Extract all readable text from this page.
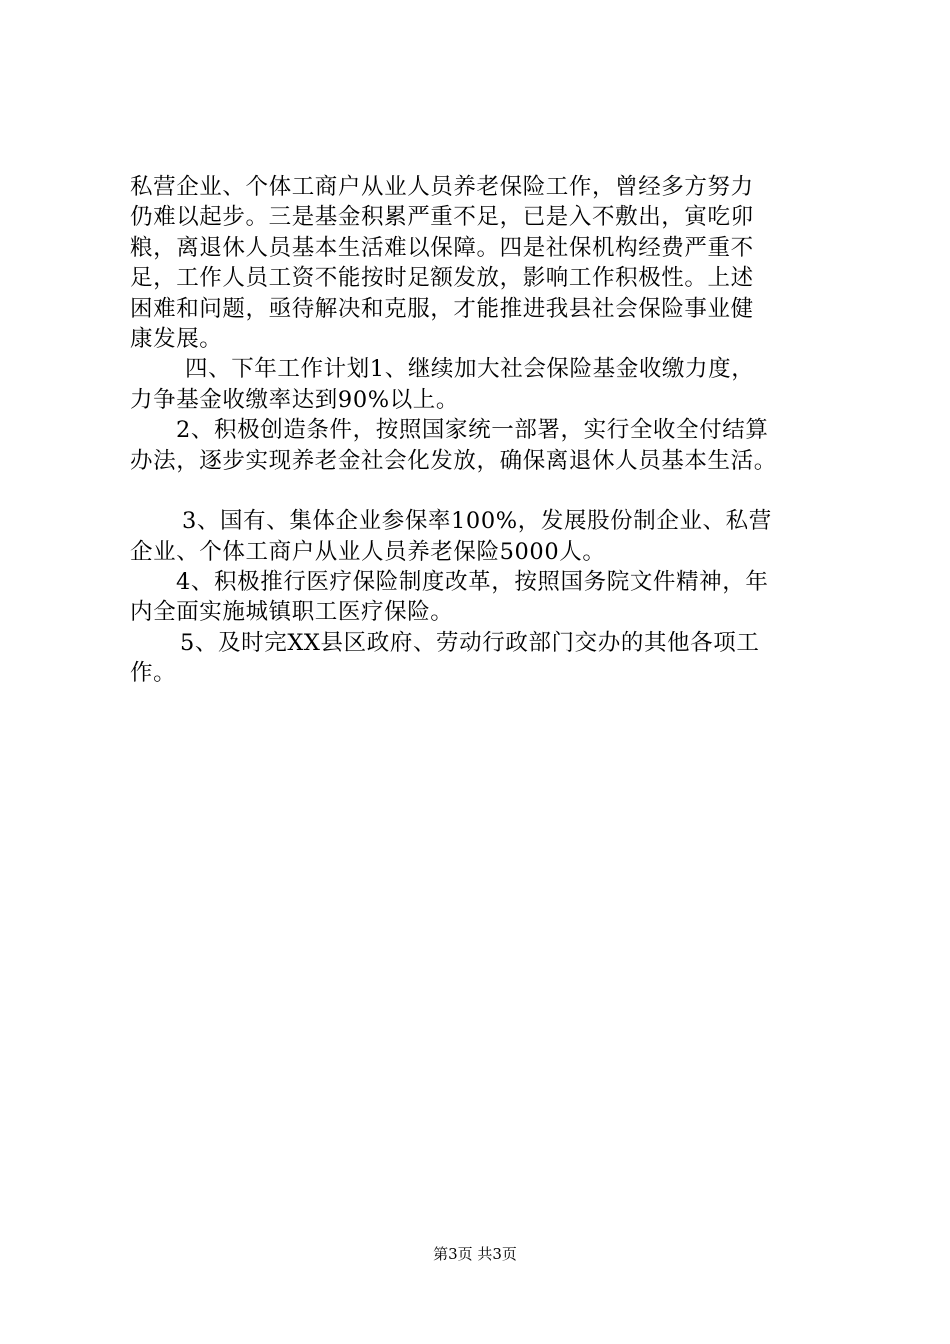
私营企业、个体工商户从业人员养老保险工作，曾经多方努力
仍难以起步。三是基金积累严重不足，已是入不敷出，寅吃卯
粮，离退休人员基本生活难以保障。四是社保机构经费严重不
足，工作人员工资不能按时足额发放，影响工作积极性。上述
困难和问题，亟待解决和克服，才能推进我县社会保险事业健
康发展。
四、下年工作计划1、继续加大社会保险基金收缴力度，
力争基金收缴率达到90%以上。
2、积极创造条件，按照国家统一部署，实行全收全付结算
办法，逐步实现养老金社会化发放，确保离退休人员基本生活。
3、国有、集体企业参保率100%，发展股份制企业、私营
企业、个体工商户从业人员养老保险5000人。
4、积极推行医疗保险制度改革，按照国务院文件精神，年
内全面实施城镇职工医疗保险。
5、及时完XX县区政府、劳动行政部门交办的其他各项工
作。
第3页 共3页
